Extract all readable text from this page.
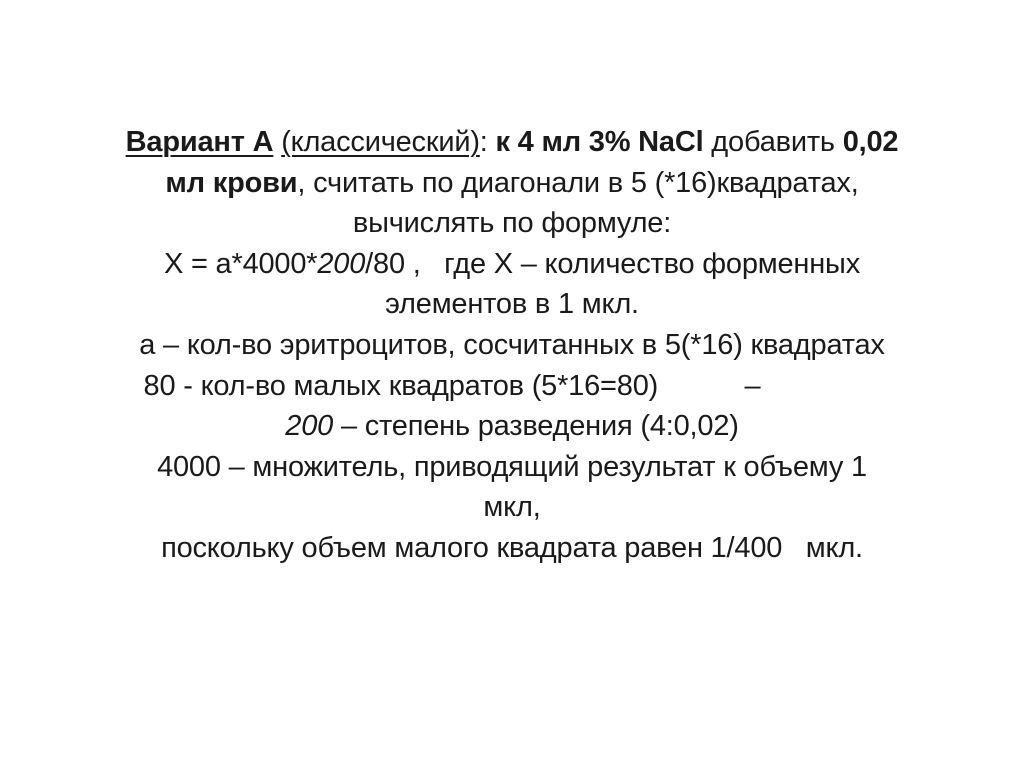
Вариант А (классический): к 4 мл 3% NaCl добавить 0,02
мл крови, считать по диагонали в 5 (*16)квадратах,
вычислять по формуле:
Х = а*4000*200/80 ,   где Х – количество форменных
элементов в 1 мкл.
а – кол-во эритроцитов, сосчитанных в 5(*16) квадратах
80 - кол-во малых квадратов (5*16=80)           –
200 – степень разведения (4:0,02)
4000 – множитель, приводящий результат к объему 1
мкл,
поскольку объем малого квадрата равен 1/400   мкл.
